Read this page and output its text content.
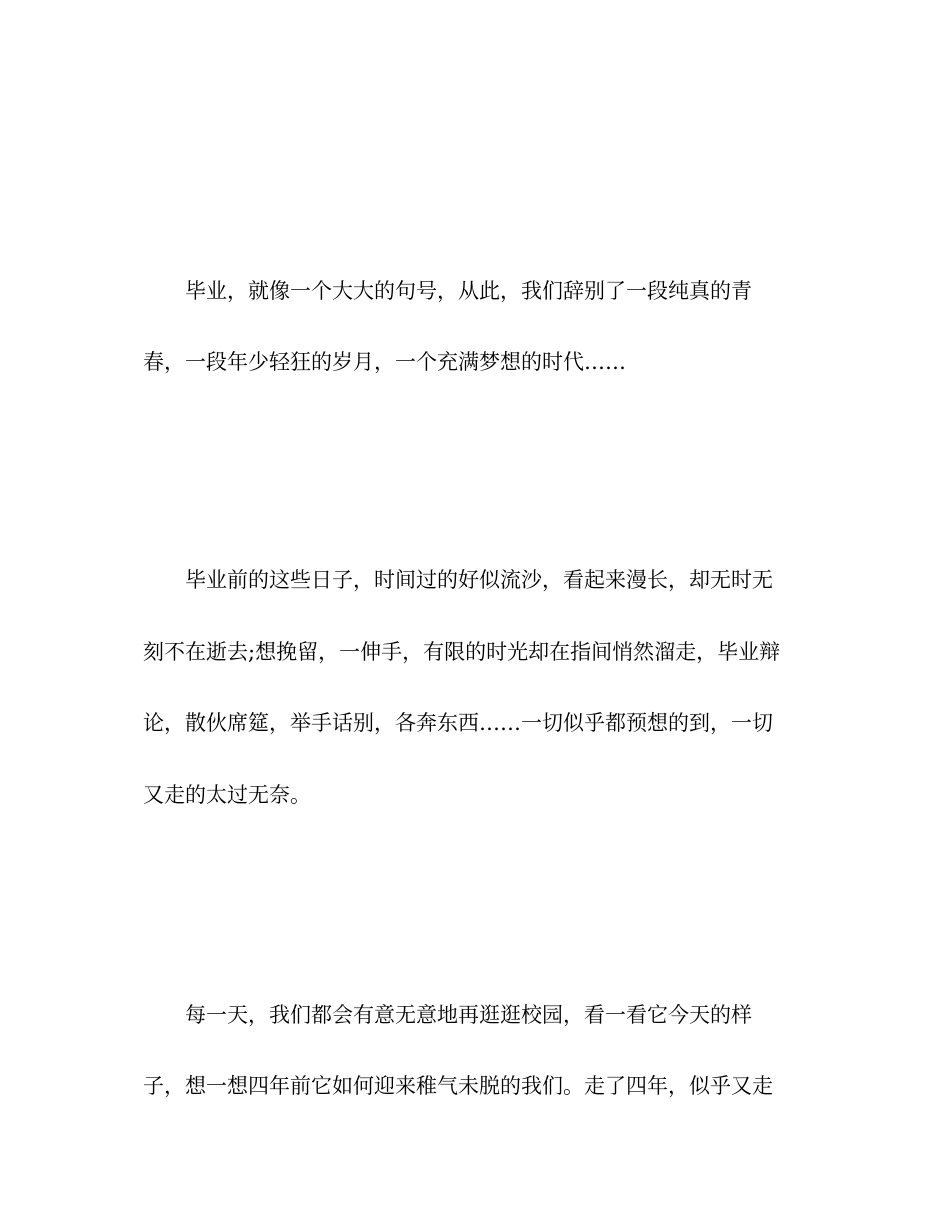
毕业，就像一个大大的句号，从此，我们辞别了一段纯真的青

春，一段年少轻狂的岁月，一个充满梦想的时代……

毕业前的这些日子，时间过的好似流沙，看起来漫长，却无时无

刻不在逝去;想挽留，一伸手，有限的时光却在指间悄然溜走，毕业辩

论，散伙席筵，举手话别，各奔东西……一切似乎都预想的到，一切

又走的太过无奈。

每一天，我们都会有意无意地再逛逛校园，看一看它今天的样

子，想一想四年前它如何迎来稚气未脱的我们。走了四年，似乎又走
